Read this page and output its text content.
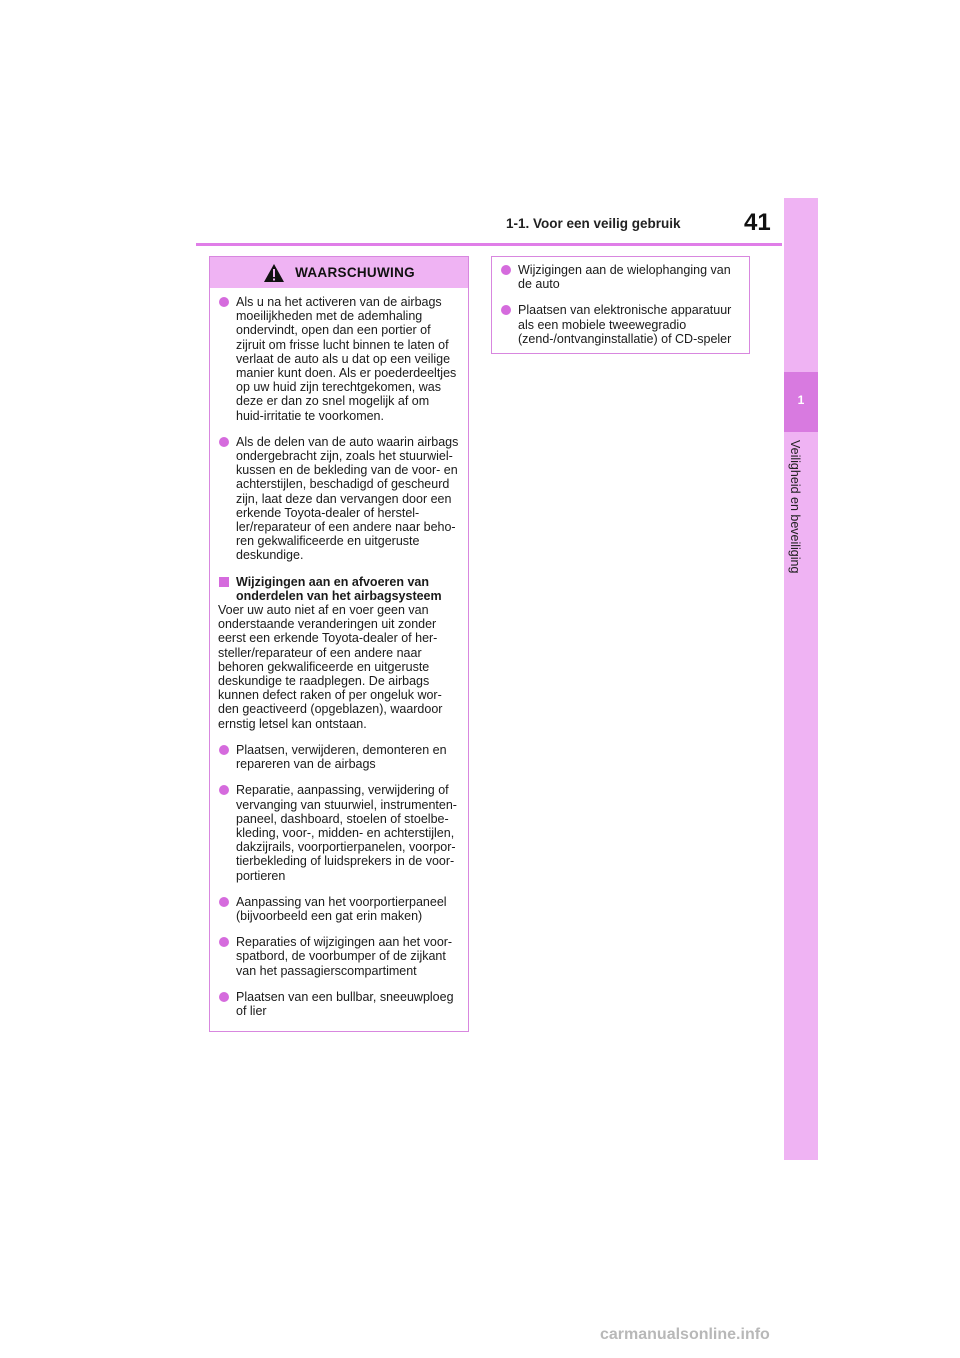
1-1. Voor een veilig gebruik	41
1
Veiligheid en beveiliging
WAARSCHUWING
Als u na het activeren van de airbags moeilijkheden met de ademhaling ondervindt, open dan een portier of zijruit om frisse lucht binnen te laten of verlaat de auto als u dat op een veilige manier kunt doen. Als er poederdeeltjes op uw huid zijn terechtgekomen, was deze er dan zo snel mogelijk af om huid-irritatie te voorkomen.
Als de delen van de auto waarin airbags ondergebracht zijn, zoals het stuurwiel-kussen en de bekleding van de voor- en achterstijlen, beschadigd of gescheurd zijn, laat deze dan vervangen door een erkende Toyota-dealer of herstel-ler/reparateur of een andere naar beho-ren gekwalificeerde en uitgeruste deskundige.
Wijzigingen aan en afvoeren van onderdelen van het airbagsysteem
Voer uw auto niet af en voer geen van onderstaande veranderingen uit zonder eerst een erkende Toyota-dealer of her-steller/reparateur of een andere naar behoren gekwalificeerde en uitgeruste deskundige te raadplegen. De airbags kunnen defect raken of per ongeluk wor-den geactiveerd (opgeblazen), waardoor ernstig letsel kan ontstaan.
Plaatsen, verwijderen, demonteren en repareren van de airbags
Reparatie, aanpassing, verwijdering of vervanging van stuurwiel, instrumenten-paneel, dashboard, stoelen of stoelbe-kleding, voor-, midden- en achterstijlen, dakzijrails, voorportierpanelen, voorpor-tierbekleding of luidsprekers in de voor-portieren
Aanpassing van het voorportierpaneel (bijvoorbeeld een gat erin maken)
Reparaties of wijzigingen aan het voor-spatbord, de voorbumper of de zijkant van het passagierscompartiment
Plaatsen van een bullbar, sneeuwploeg of lier
Wijzigingen aan de wielophanging van de auto
Plaatsen van elektronische apparatuur als een mobiele tweewegradio (zend-/ontvanginstallatie) of CD-speler
carmanualsonline.info
